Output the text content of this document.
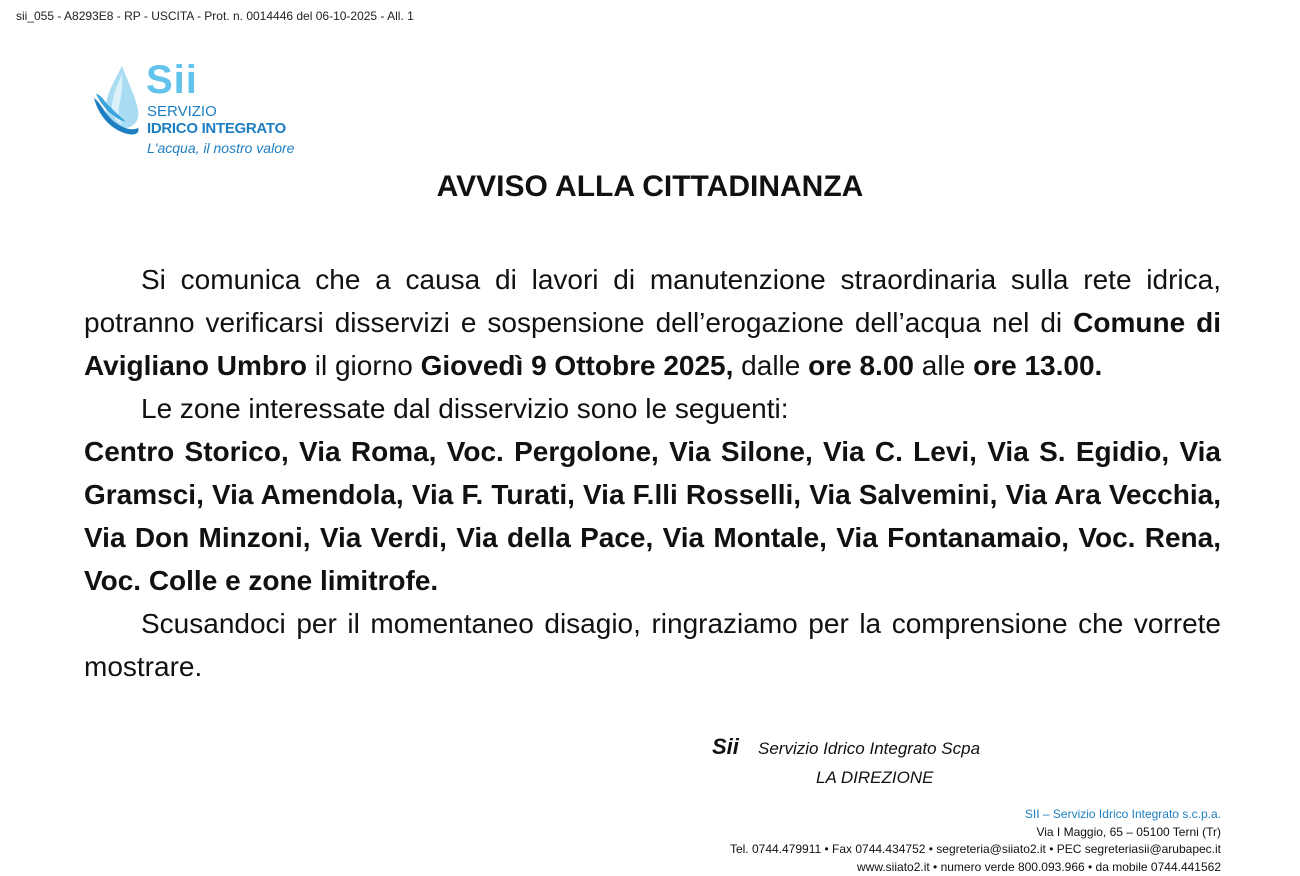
sii_055 - A8293E8 - RP - USCITA - Prot. n. 0014446 del 06-10-2025 - All. 1
Sii
SERVIZIO
IDRICO INTEGRATO
L'acqua, il nostro valore
AVVISO ALLA CITTADINANZA

Si comunica che a causa di lavori di manutenzione straordinaria sulla rete idrica, potranno verificarsi disservizi e sospensione dell’erogazione dell’acqua nel di Comune di Avigliano Umbro il giorno Giovedì 9 Ottobre 2025, dalle ore 8.00 alle ore 13.00.

Le zone interessate dal disservizio sono le seguenti:

Centro Storico, Via Roma, Voc. Pergolone, Via Silone, Via C. Levi, Via S. Egidio, Via Gramsci, Via Amendola, Via F. Turati, Via F.lli Rosselli, Via Salvemini, Via Ara Vecchia, Via Don Minzoni, Via Verdi, Via della Pace, Via Montale, Via Fontanamaio, Voc. Rena, Voc. Colle e zone limitrofe.

Scusandoci per il momentaneo disagio, ringraziamo per la comprensione che vorrete mostrare.

Sii Servizio Idrico Integrato Scpa
LA DIREZIONE
SII – Servizio Idrico Integrato s.c.p.a.
Via I Maggio, 65 – 05100 Terni (Tr)
Tel. 0744.479911 • Fax 0744.434752 • segreteria@siiato2.it • PEC segreteriasii@arubapec.it
www.siiato2.it • numero verde 800.093.966 • da mobile 0744.441562
